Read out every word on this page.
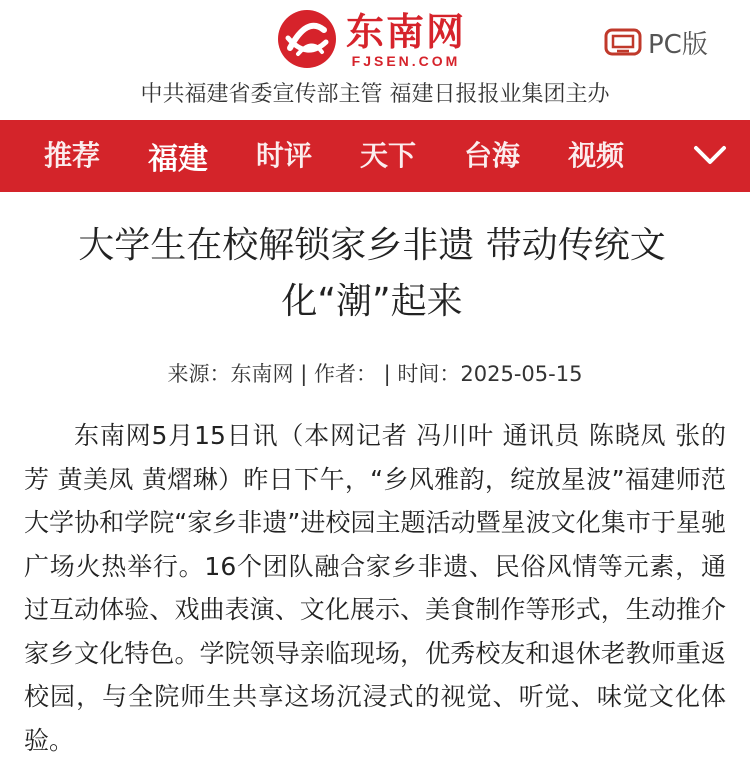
东南网
FJSEN.COM
PC版
中共福建省委宣传部主管 福建日报报业集团主办
推荐 福建 时评 天下 台海 视频
大学生在校解锁家乡非遗 带动传统文化“潮”起来
来源：东南网 | 作者： | 时间：2025-05-15

东南网5月15日讯（本网记者 冯川叶 通讯员 陈晓凤 张的芳 黄美凤 黄熠琳）昨日下午，“乡风雅韵，绽放星波”福建师范大学协和学院“家乡非遗”进校园主题活动暨星波文化集市于星驰广场火热举行。16个团队融合家乡非遗、民俗风情等元素，通过互动体验、戏曲表演、文化展示、美食制作等形式，生动推介家乡文化特色。学院领导亲临现场，优秀校友和退休老教师重返校园，与全院师生共享这场沉浸式的视觉、听觉、味觉文化体验。
